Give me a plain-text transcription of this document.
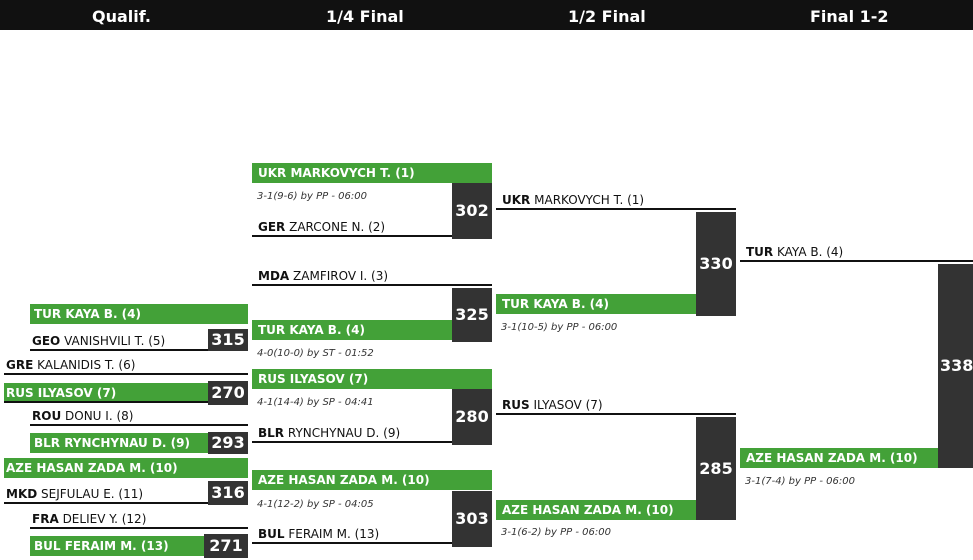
Qualif.	1/4 Final	1/2 Final	Final 1-2
TUR KAYA B. (4)
GEO VANISHVILI T. (5)	315
GRE KALANIDIS T. (6)
RUS ILYASOV (7)	270
ROU DONU I. (8)
BLR RYNCHYNAU D. (9)	293
AZE HASAN ZADA M. (10)
MKD SEJFULAU E. (11)	316
FRA DELIEV Y. (12)
BUL FERAIM M. (13)	271
UKR MARKOVYCH T. (1)
3-1(9-6) by PP - 06:00
GER ZARCONE N. (2)
302
MDA ZAMFIROV I. (3)
TUR KAYA B. (4)
325
4-0(10-0) by ST - 01:52
RUS ILYASOV (7)
4-1(14-4) by SP - 04:41
BLR RYNCHYNAU D. (9)
280
AZE HASAN ZADA M. (10)
4-1(12-2) by SP - 04:05
BUL FERAIM M. (13)
303
UKR MARKOVYCH T. (1)
TUR KAYA B. (4)
330
3-1(10-5) by PP - 06:00
RUS ILYASOV (7)
AZE HASAN ZADA M. (10)
285
3-1(6-2) by PP - 06:00
TUR KAYA B. (4)
AZE HASAN ZADA M. (10)
338
3-1(7-4) by PP - 06:00
